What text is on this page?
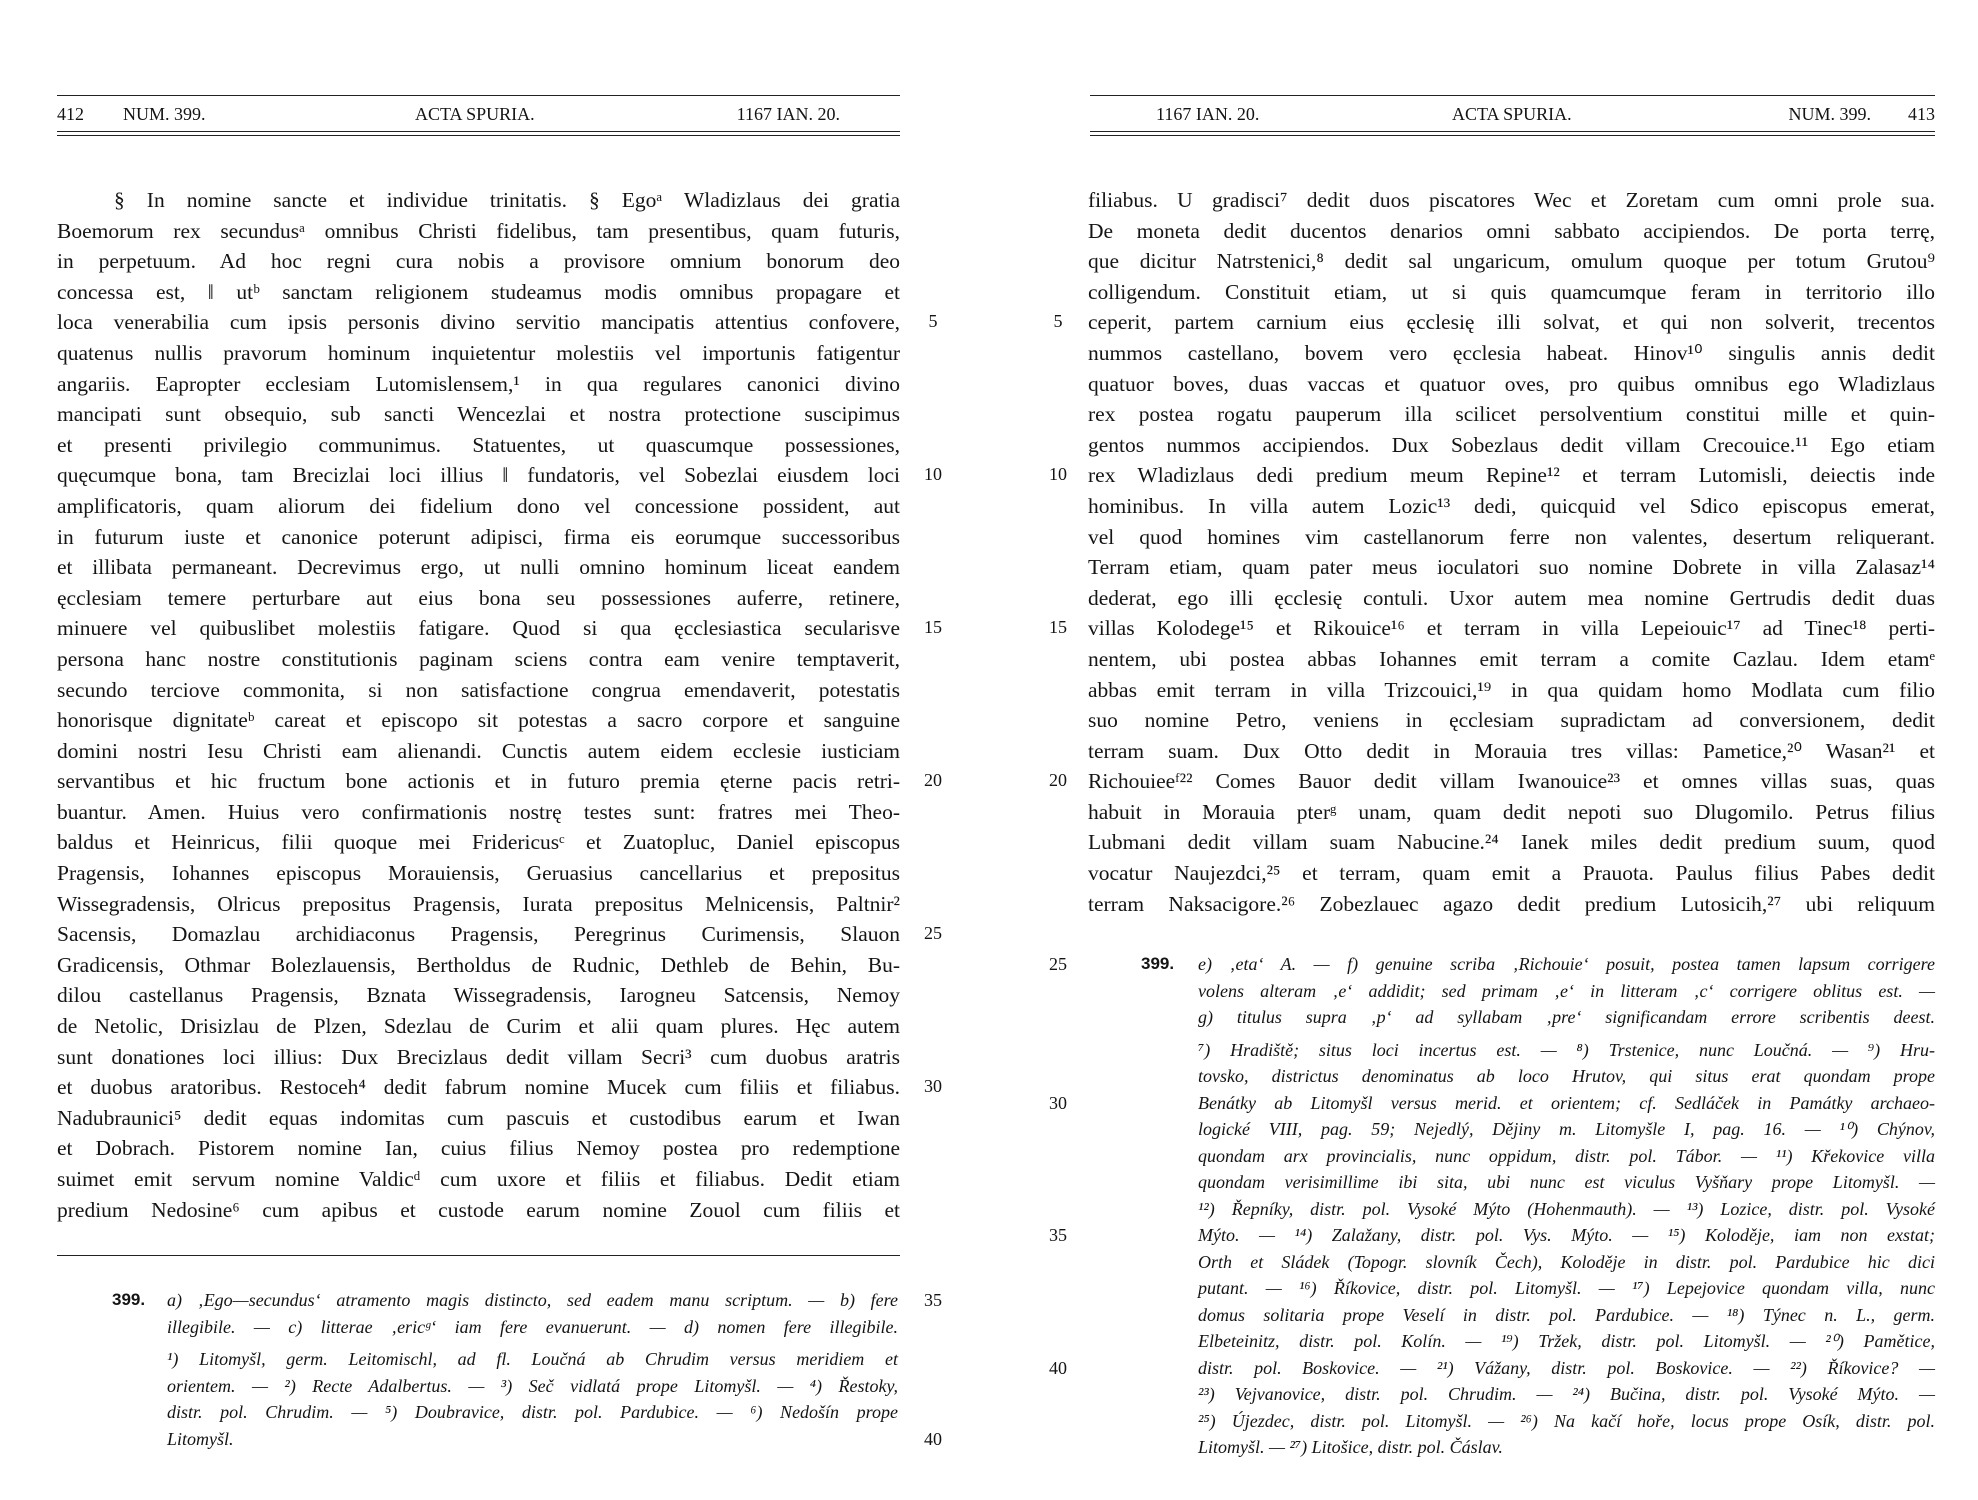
412 NUM. 399.	ACTA SPURIA.	1167 IAN. 20.
§ In nomine sancte et individue trinitatis. § Egoᵃ Wladizlaus dei gratia
Boemorum rex secundusᵃ omnibus Christi fidelibus, tam presentibus, quam futuris,
in perpetuum. Ad hoc regni cura nobis a provisore omnium bonorum deo
concessa est, ‖ utᵇ sanctam religionem studeamus modis omnibus propagare et
loca venerabilia cum ipsis personis divino servitio mancipatis attentius confovere,
quatenus nullis pravorum hominum inquietentur molestiis vel importunis fatigentur
angariis. Eapropter ecclesiam Lutomislensem,¹ in qua regulares canonici divino
mancipati sunt obsequio, sub sancti Wencezlai et nostra protectione suscipimus
et presenti privilegio communimus. Statuentes, ut quascumque possessiones,
quęcumque bona, tam Brecizlai loci illius ‖ fundatoris, vel Sobezlai eiusdem loci
amplificatoris, quam aliorum dei fidelium dono vel concessione possident, aut
in futurum iuste et canonice poterunt adipisci, firma eis eorumque successoribus
et illibata permaneant. Decrevimus ergo, ut nulli omnino hominum liceat eandem
ęcclesiam temere perturbare aut eius bona seu possessiones auferre, retinere,
minuere vel quibuslibet molestiis fatigare. Quod si qua ęcclesiastica secularisve
persona hanc nostre constitutionis paginam sciens contra eam venire temptaverit,
secundo terciove commonita, si non satisfactione congrua emendaverit, potestatis
honorisque dignitateᵇ careat et episcopo sit potestas a sacro corpore et sanguine
domini nostri Iesu Christi eam alienandi. Cunctis autem eidem ecclesie iusticiam
servantibus et hic fructum bone actionis et in futuro premia ęterne pacis retri-
buantur. Amen. Huius vero confirmationis nostrę testes sunt: fratres mei Theo-
baldus et Heinricus, filii quoque mei Fridericusᶜ et Zuatopluc, Daniel episcopus
Pragensis, Iohannes episcopus Morauiensis, Geruasius cancellarius et prepositus
Wissegradensis, Olricus prepositus Pragensis, Iurata prepositus Melnicensis, Paltnir²
Sacensis, Domazlau archidiaconus Pragensis, Peregrinus Curimensis, Slauon
Gradicensis, Othmar Bolezlauensis, Bertholdus de Rudnic, Dethleb de Behin, Bu-
dilou castellanus Pragensis, Bznata Wissegradensis, Iarogneu Satcensis, Nemoy
de Netolic, Drisizlau de Plzen, Sdezlau de Curim et alii quam plures. Hęc autem
sunt donationes loci illius: Dux Brecizlaus dedit villam Secri³ cum duobus aratris
et duobus aratoribus. Restoceh⁴ dedit fabrum nomine Mucek cum filiis et filiabus.
Nadubraunici⁵ dedit equas indomitas cum pascuis et custodibus earum et Iwan
et Dobrach. Pistorem nomine Ian, cuius filius Nemoy postea pro redemptione
suimet emit servum nomine Valdicᵈ cum uxore et filiis et filiabus. Dedit etiam
predium Nedosine⁶ cum apibus et custode earum nomine Zouol cum filiis et
5
10
15
20
25
30
399. a) ‚Ego—secundus‘ atramento magis distincto, sed eadem manu scriptum. — b) fere
illegibile. — c) litterae ‚ericᵍ‘ iam fere evanuerunt. — d) nomen fere illegibile.
¹) Litomyšl, germ. Leitomischl, ad fl. Loučná ab Chrudim versus meridiem et
orientem. — ²) Recte Adalbertus. — ³) Seč vidlatá prope Litomyšl. — ⁴) Řestoky,
distr. pol. Chrudim. — ⁵) Doubravice, distr. pol. Pardubice. — ⁶) Nedošín prope
Litomyšl.
35
40
1167 IAN. 20.	ACTA SPURIA.	NUM. 399. 413
filiabus. U gradisci⁷ dedit duos piscatores Wec et Zoretam cum omni prole sua.
De moneta dedit ducentos denarios omni sabbato accipiendos. De porta terrę,
que dicitur Natrstenici,⁸ dedit sal ungaricum, omulum quoque per totum Grutou⁹
colligendum. Constituit etiam, ut si quis quamcumque feram in territorio illo
ceperit, partem carnium eius ęcclesię illi solvat, et qui non solverit, trecentos
nummos castellano, bovem vero ęcclesia habeat. Hinov¹⁰ singulis annis dedit
quatuor boves, duas vaccas et quatuor oves, pro quibus omnibus ego Wladizlaus
rex postea rogatu pauperum illa scilicet persolventium constitui mille et quin-
gentos nummos accipiendos. Dux Sobezlaus dedit villam Crecouice.¹¹ Ego etiam
rex Wladizlaus dedi predium meum Repine¹² et terram Lutomisli, deiectis inde
hominibus. In villa autem Lozic¹³ dedi, quicquid vel Sdico episcopus emerat,
vel quod homines vim castellanorum ferre non valentes, desertum reliquerant.
Terram etiam, quam pater meus ioculatori suo nomine Dobrete in villa Zalasaz¹⁴
dederat, ego illi ęcclesię contuli. Uxor autem mea nomine Gertrudis dedit duas
villas Kolodege¹⁵ et Rikouice¹⁶ et terram in villa Lepeiouic¹⁷ ad Tinec¹⁸ perti-
nentem, ubi postea abbas Iohannes emit terram a comite Cazlau. Idem etamᵉ
abbas emit terram in villa Trizcouici,¹⁹ in qua quidam homo Modlata cum filio
suo nomine Petro, veniens in ęcclesiam supradictam ad conversionem, dedit
terram suam. Dux Otto dedit in Morauia tres villas: Pametice,²⁰ Wasan²¹ et
Richouieeᶠ²² Comes Bauor dedit villam Iwanouice²³ et omnes villas suas, quas
habuit in Morauia pterᵍ unam, quam dedit nepoti suo Dlugomilo. Petrus filius
Lubmani dedit villam suam Nabucine.²⁴ Ianek miles dedit predium suum, quod
vocatur Naujezdci,²⁵ et terram, quam emit a Prauota. Paulus filius Pabes dedit
terram Naksacigore.²⁶ Zobezlauec agazo dedit predium Lutosicih,²⁷ ubi reliquum
5
10
15
20
399. e) ‚eta‘ A. — f) genuine scriba ‚Richouie‘ posuit, postea tamen lapsum corrigere
volens alteram ‚e‘ addidit; sed primam ‚e‘ in litteram ‚c‘ corrigere oblitus est. —
g) titulus supra ‚p‘ ad syllabam ‚pre‘ significandam errore scribentis deest.
⁷) Hradiště; situs loci incertus est. — ⁸) Trstenice, nunc Loučná. — ⁹) Hru-
tovsko, districtus denominatus ab loco Hrutov, qui situs erat quondam prope
Benátky ab Litomyšl versus merid. et orientem; cf. Sedláček in Památky archaeo-
logické VIII, pag. 59; Nejedlý, Dějiny m. Litomyšle I, pag. 16. — ¹⁰) Chýnov,
quondam arx provincialis, nunc oppidum, distr. pol. Tábor. — ¹¹) Křekovice villa
quondam verisimillime ibi sita, ubi nunc est viculus Vyšňary prope Litomyšl. —
¹²) Řepníky, distr. pol. Vysoké Mýto (Hohenmauth). — ¹³) Lozice, distr. pol. Vysoké
Mýto. — ¹⁴) Zalažany, distr. pol. Vys. Mýto. — ¹⁵) Koloděje, iam non exstat;
Orth et Sládek (Topogr. slovník Čech), Koloděje in distr. pol. Pardubice hic dici
putant. — ¹⁶) Říkovice, distr. pol. Litomyšl. — ¹⁷) Lepejovice quondam villa, nunc
domus solitaria prope Veselí in distr. pol. Pardubice. — ¹⁸) Týnec n. L., germ.
Elbeteinitz, distr. pol. Kolín. — ¹⁹) Tržek, distr. pol. Litomyšl. — ²⁰) Pamětice,
distr. pol. Boskovice. — ²¹) Vážany, distr. pol. Boskovice. — ²²) Říkovice? —
²³) Vejvanovice, distr. pol. Chrudim. — ²⁴) Bučina, distr. pol. Vysoké Mýto. —
²⁵) Újezdec, distr. pol. Litomyšl. — ²⁶) Na kačí hoře, locus prope Osík, distr. pol.
Litomyšl. — ²⁷) Litošice, distr. pol. Čáslav.
25
30
35
40
